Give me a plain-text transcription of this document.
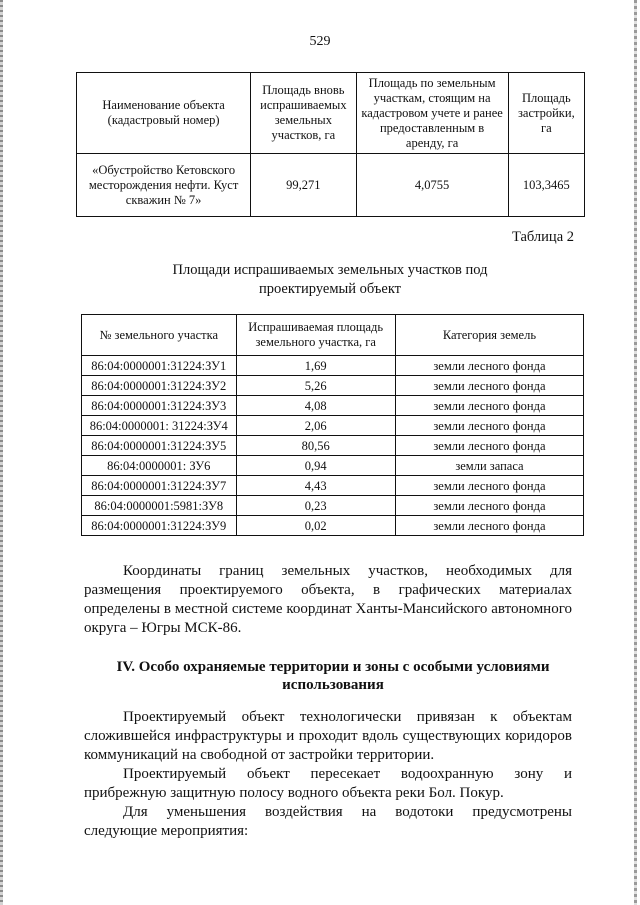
529
Наименование объекта (кадастровый номер)	Площадь вновь испрашиваемых земельных участков, га	Площадь по земельным участкам, стоящим на кадастровом учете и ранее предоставленным в аренду, га	Площадь застройки, га
«Обустройство Кетовского месторождения нефти. Куст скважин № 7»	99,271	4,0755	103,3465
Таблица 2
Площади испрашиваемых земельных участков под проектируемый объект
№ земельного участка	Испрашиваемая площадь земельного участка, га	Категория земель
86:04:0000001:31224:ЗУ1	1,69	земли лесного фонда
86:04:0000001:31224:ЗУ2	5,26	земли лесного фонда
86:04:0000001:31224:ЗУ3	4,08	земли лесного фонда
86:04:0000001: 31224:ЗУ4	2,06	земли лесного фонда
86:04:0000001:31224:ЗУ5	80,56	земли лесного фонда
86:04:0000001: ЗУ6	0,94	земли запаса
86:04:0000001:31224:ЗУ7	4,43	земли лесного фонда
86:04:0000001:5981:ЗУ8	0,23	земли лесного фонда
86:04:0000001:31224:ЗУ9	0,02	земли лесного фонда

Координаты границ земельных участков, необходимых для размещения проектируемого объекта, в графических материалах определены в местной системе координат Ханты-Мансийского автономного округа – Югры МСК-86.

IV. Особо охраняемые территории и зоны с особыми условиями использования

Проектируемый объект технологически привязан к объектам сложившейся инфраструктуры и проходит вдоль существующих коридоров коммуникаций на свободной от застройки территории.

Проектируемый объект пересекает водоохранную зону и прибрежную защитную полосу водного объекта реки Бол. Покур.

Для уменьшения воздействия на водотоки предусмотрены следующие мероприятия:
